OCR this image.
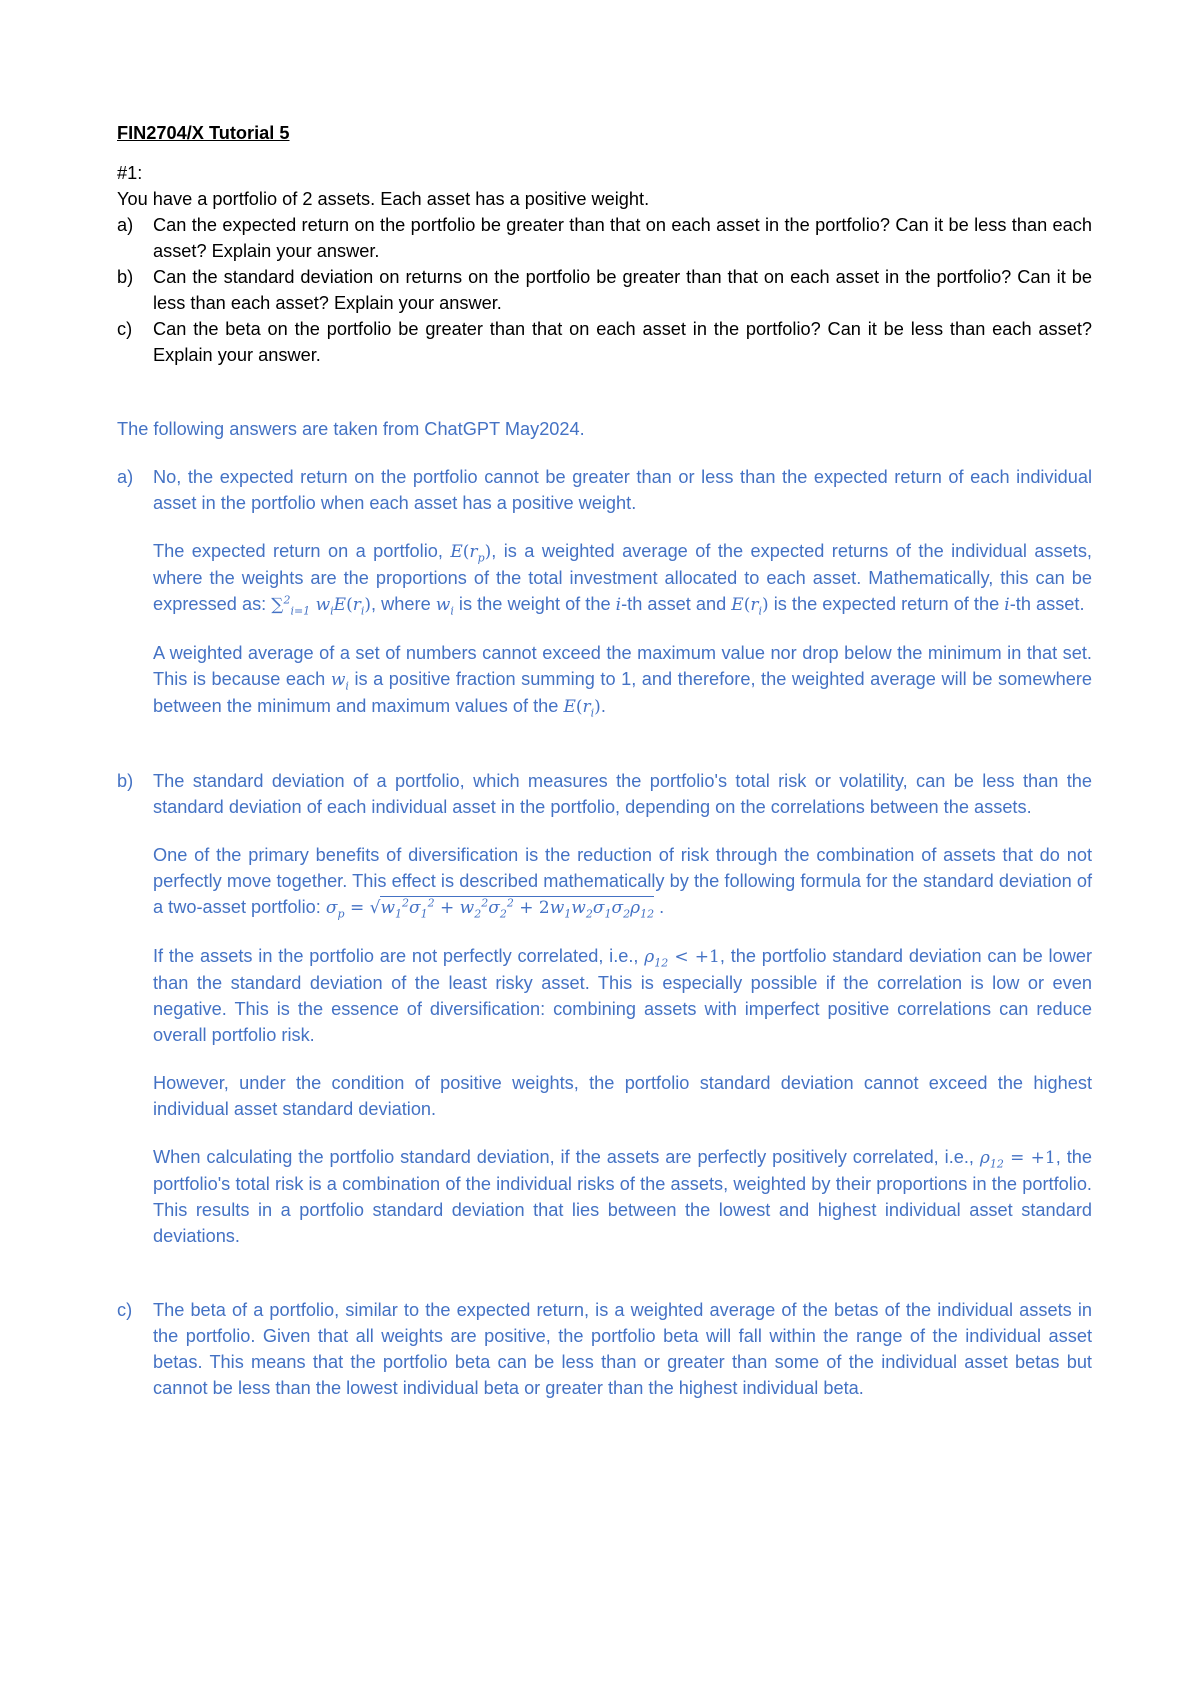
FIN2704/X Tutorial 5
#1:
You have a portfolio of 2 assets. Each asset has a positive weight.
a)	Can the expected return on the portfolio be greater than that on each asset in the portfolio? Can it be less than each asset? Explain your answer.
b)	Can the standard deviation on returns on the portfolio be greater than that on each asset in the portfolio? Can it be less than each asset? Explain your answer.
c)	Can the beta on the portfolio be greater than that on each asset in the portfolio? Can it be less than each asset? Explain your answer.
The following answers are taken from ChatGPT May2024.
a)	No, the expected return on the portfolio cannot be greater than or less than the expected return of each individual asset in the portfolio when each asset has a positive weight.
The expected return on a portfolio, $E(r_p)$, is a weighted average of the expected returns of the individual assets, where the weights are the proportions of the total investment allocated to each asset. Mathematically, this can be expressed as: ∑$^2_{i=1}$ $w_iE(r_i)$, where $w_i$ is the weight of the i-th asset and $E(r_i)$ is the expected return of the i-th asset.
A weighted average of a set of numbers cannot exceed the maximum value nor drop below the minimum in that set. This is because each $w_i$ is a positive fraction summing to 1, and therefore, the weighted average will be somewhere between the minimum and maximum values of the $E(r_i)$.
b)	The standard deviation of a portfolio, which measures the portfolio's total risk or volatility, can be less than the standard deviation of each individual asset in the portfolio, depending on the correlations between the assets.
One of the primary benefits of diversification is the reduction of risk through the combination of assets that do not perfectly move together. This effect is described mathematically by the following formula for the standard deviation of a two-asset portfolio: $\sigma_p = √w_1^2\sigma_1^2 + w_2^2\sigma_2^2 + 2w_1w_2\sigma_1\sigma_2\rho_{12}$ .
If the assets in the portfolio are not perfectly correlated, i.e., $\rho_{12} < +1$, the portfolio standard deviation can be lower than the standard deviation of the least risky asset. This is especially possible if the correlation is low or even negative. This is the essence of diversification: combining assets with imperfect positive correlations can reduce overall portfolio risk.
However, under the condition of positive weights, the portfolio standard deviation cannot exceed the highest individual asset standard deviation.
When calculating the portfolio standard deviation, if the assets are perfectly positively correlated, i.e., $\rho_{12} = +1$, the portfolio's total risk is a combination of the individual risks of the assets, weighted by their proportions in the portfolio. This results in a portfolio standard deviation that lies between the lowest and highest individual asset standard deviations.
c)	The beta of a portfolio, similar to the expected return, is a weighted average of the betas of the individual assets in the portfolio. Given that all weights are positive, the portfolio beta will fall within the range of the individual asset betas. This means that the portfolio beta can be less than or greater than some of the individual asset betas but cannot be less than the lowest individual beta or greater than the highest individual beta.
